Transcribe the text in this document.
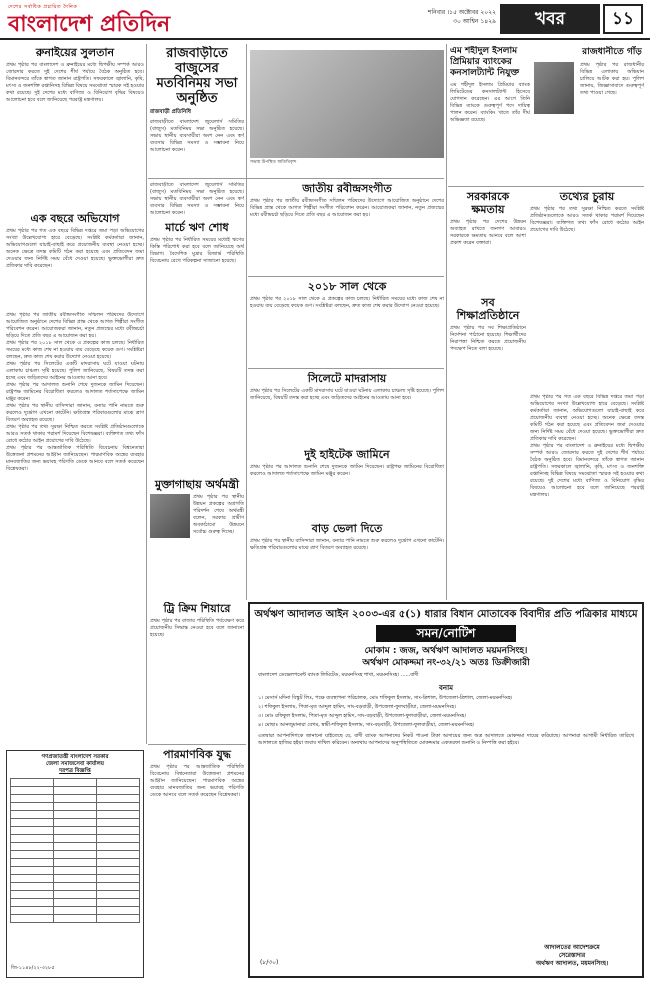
দেশের সর্বাধিক প্রচারিত দৈনিক
বাংলাদেশ প্রতিদিন	শনিবার ।১৫ অক্টোবর ২০২২
৩০ আশ্বিন ১৪২৯	খবর	১১
রুনাইয়ের সুলতান
প্রথম পৃষ্ঠার পর বাংলাদেশ ও ব্রুনাইয়ের মধ্যে দ্বিপক্ষীয় সম্পর্ক আরও জোরদার করতে দুই দেশের শীর্ষ পর্যায়ে বৈঠক অনুষ্ঠিত হবে। বিমানবন্দরে তাঁকে স্বাগত জানান রাষ্ট্রপতি। সফরকালে জ্বালানি, কৃষি, মৎস্য ও জনশক্তি রপ্তানিসহ বিভিন্ন বিষয়ে সমঝোতা স্মারক সই হওয়ার কথা রয়েছে। দুই দেশের মধ্যে বাণিজ্য ও বিনিয়োগ বৃদ্ধির বিষয়েও আলোচনা হবে বলে জানিয়েছে পররাষ্ট্র মন্ত্রণালয়।
এক বছরে অভিযোগ
প্রথম পৃষ্ঠার পর গত এক বছরে বিভিন্ন দপ্তরে জমা পড়া অভিযোগের সংখ্যা উল্লেখযোগ্য হারে বেড়েছে। সংশ্লিষ্ট কর্মকর্তারা জানান, অভিযোগগুলো যাচাই-বাছাই করে প্রয়োজনীয় ব্যবস্থা নেওয়া হচ্ছে। অনেক ক্ষেত্রে তদন্ত কমিটি গঠন করা হয়েছে এবং প্রতিবেদন জমা দেওয়ার জন্য নির্দিষ্ট সময় বেঁধে দেওয়া হয়েছে। ভুক্তভোগীরা দ্রুত প্রতিকার দাবি করেছেন।
প্রথম পৃষ্ঠার পর জাতীয় রবীন্দ্রসংগীত সম্মিলন পরিষদের উদ্যোগে আয়োজিত অনুষ্ঠানে দেশের বিভিন্ন প্রান্ত থেকে আগত শিল্পীরা সংগীত পরিবেশন করেন। আয়োজকরা জানান, নতুন প্রজন্মের মধ্যে রবীন্দ্রচর্চা ছড়িয়ে দিতে প্রতি বছর এ আয়োজন করা হয়।
প্রথম পৃষ্ঠার পর ২০১৮ সাল থেকে এ প্রকল্পের কাজ চলছে। নির্ধারিত সময়ের মধ্যে কাজ শেষ না হওয়ায় ব্যয় বেড়েছে কয়েক গুণ। সংশ্লিষ্টরা বলছেন, দ্রুত কাজ শেষ করার উদ্যোগ নেওয়া হয়েছে।
প্রথম পৃষ্ঠার পর সিলেটের একটি মাদরাসায় ঘটে যাওয়া ঘটনায় এলাকায় চাঞ্চল্য সৃষ্টি হয়েছে। পুলিশ জানিয়েছে, বিষয়টি তদন্ত করা হচ্ছে এবং জড়িতদের আইনের আওতায় আনা হবে।
প্রথম পৃষ্ঠার পর আদালত শুনানি শেষে দুজনকে জামিন দিয়েছেন। রাষ্ট্রপক্ষ জামিনের বিরোধিতা করলেও আদালত শর্তসাপেক্ষে জামিন মঞ্জুর করেন।
প্রথম পৃষ্ঠার পর স্থানীয় বাসিন্দারা জানান, বন্যার পানি নামতে শুরু করলেও দুর্ভোগ এখনো কাটেনি। ক্ষতিগ্রস্ত পরিবারগুলোর মাঝে ত্রাণ বিতরণ অব্যাহত রয়েছে।
প্রথম পৃষ্ঠার পর তথ্য সুরক্ষা নিশ্চিত করতে সংশ্লিষ্ট প্রতিষ্ঠানগুলোকে আরও সতর্ক থাকার পরামর্শ দিয়েছেন বিশেষজ্ঞরা। ব্যক্তিগত তথ্য ফাঁস রোধে কঠোর আইন প্রয়োগের দাবি উঠেছে।
প্রথম পৃষ্ঠার পর আন্তর্জাতিক পরিস্থিতি বিবেচনায় বিশ্বনেতারা উত্তেজনা প্রশমনের আহ্বান জানিয়েছেন। পারমাণবিক অস্ত্রের ব্যবহার মানবজাতির জন্য ভয়াবহ পরিণতি ডেকে আনবে বলে সতর্ক করেছেন বিশ্লেষকরা।
গণপ্রজাতন্ত্রী বাংলাদেশ সরকার
জেলা সমাজসেবা কার্যালয়
দরপত্র বিজ্ঞপ্তি

জি-১১৪৮/২২-৩২৮৫
রাজবাড়ীতে বাজুসের মতবিনিময় সভা অনুষ্ঠিত
রাজবাড়ী প্রতিনিধি
রাজবাড়ীতে বাংলাদেশ জুয়েলার্স সমিতির (বাজুস) মতবিনিময় সভা অনুষ্ঠিত হয়েছে। সভায় স্থানীয় ব্যবসায়ীরা অংশ নেন এবং স্বর্ণ ব্যবসার বিভিন্ন সমস্যা ও সম্ভাবনা নিয়ে আলোচনা করেন।
সভায় উপস্থিত অতিথিবৃন্দ
রাজবাড়ীতে বাংলাদেশ জুয়েলার্স সমিতির (বাজুস) মতবিনিময় সভা অনুষ্ঠিত হয়েছে। সভায় স্থানীয় ব্যবসায়ীরা অংশ নেন এবং স্বর্ণ ব্যবসার বিভিন্ন সমস্যা ও সম্ভাবনা নিয়ে আলোচনা করেন।
মার্চে ঋণ শোধ
প্রথম পৃষ্ঠার পর নির্ধারিত সময়ের মধ্যেই ঋণের কিস্তি পরিশোধ করা হবে বলে জানিয়েছে অর্থ বিভাগ। বৈদেশিক মুদ্রার রিজার্ভ পরিস্থিতি বিবেচনায় রেখে পরিকল্পনা সাজানো হয়েছে।
জাতীয় রবীন্দ্রসংগীত
প্রথম পৃষ্ঠার পর জাতীয় রবীন্দ্রসংগীত সম্মিলন পরিষদের উদ্যোগে আয়োজিত অনুষ্ঠানে দেশের বিভিন্ন প্রান্ত থেকে আগত শিল্পীরা সংগীত পরিবেশন করেন। আয়োজকরা জানান, নতুন প্রজন্মের মধ্যে রবীন্দ্রচর্চা ছড়িয়ে দিতে প্রতি বছর এ আয়োজন করা হয়।
২০১৮ সাল থেকে
প্রথম পৃষ্ঠার পর ২০১৮ সাল থেকে এ প্রকল্পের কাজ চলছে। নির্ধারিত সময়ের মধ্যে কাজ শেষ না হওয়ায় ব্যয় বেড়েছে কয়েক গুণ। সংশ্লিষ্টরা বলছেন, দ্রুত কাজ শেষ করার উদ্যোগ নেওয়া হয়েছে।
সিলেটে মাদরাসায়
প্রথম পৃষ্ঠার পর সিলেটের একটি মাদরাসায় ঘটে যাওয়া ঘটনায় এলাকায় চাঞ্চল্য সৃষ্টি হয়েছে। পুলিশ জানিয়েছে, বিষয়টি তদন্ত করা হচ্ছে এবং জড়িতদের আইনের আওতায় আনা হবে।
মুক্তাগাছায় অর্থমন্ত্রী
প্রথম পৃষ্ঠার পর স্থানীয় উন্নয়ন প্রকল্পের অগ্রগতি পরিদর্শন শেষে অর্থমন্ত্রী বলেন, সরকার গ্রামীণ অবকাঠামো উন্নয়নে সর্বোচ্চ গুরুত্ব দিচ্ছে।
দুই হাইটেক জামিনে
প্রথম পৃষ্ঠার পর আদালত শুনানি শেষে দুজনকে জামিন দিয়েছেন। রাষ্ট্রপক্ষ জামিনের বিরোধিতা করলেও আদালত শর্তসাপেক্ষে জামিন মঞ্জুর করেন।
বাড় ভেলা দিতে
প্রথম পৃষ্ঠার পর স্থানীয় বাসিন্দারা জানান, বন্যার পানি নামতে শুরু করলেও দুর্ভোগ এখনো কাটেনি। ক্ষতিগ্রস্ত পরিবারগুলোর মাঝে ত্রাণ বিতরণ অব্যাহত রয়েছে।
ট্রি ক্রিম শিয়ারে
প্রথম পৃষ্ঠার পর বাজার পরিস্থিতি পর্যবেক্ষণ করে প্রয়োজনীয় সিদ্ধান্ত নেওয়া হবে বলে জানানো হয়েছে।
পারমাণবিক যুদ্ধ
প্রথম পৃষ্ঠার পর আন্তর্জাতিক পরিস্থিতি বিবেচনায় বিশ্বনেতারা উত্তেজনা প্রশমনের আহ্বান জানিয়েছেন। পারমাণবিক অস্ত্রের ব্যবহার মানবজাতির জন্য ভয়াবহ পরিণতি ডেকে আনবে বলে সতর্ক করেছেন বিশ্লেষকরা।
এম শহীদুল ইসলাম প্রিমিয়ার ব্যাংকের কনসালট্যান্ট নিযুক্ত
এম শহীদুল ইসলাম প্রিমিয়ার ব্যাংক লিমিটেডের কনসালট্যান্ট হিসেবে যোগদান করেছেন। এর আগে তিনি বিভিন্ন ব্যাংকে গুরুত্বপূর্ণ পদে দায়িত্ব পালন করেন। ব্যাংকিং খাতে তাঁর দীর্ঘ অভিজ্ঞতা রয়েছে।
রাজধানীতে গাঁড়
প্রথম পৃষ্ঠার পর রাজধানীর বিভিন্ন এলাকায় অভিযান চালিয়ে আটক করা হয়। পুলিশ জানায়, জিজ্ঞাসাবাদে গুরুত্বপূর্ণ তথ্য পাওয়া গেছে।
তথ্যের চুরায়
প্রথম পৃষ্ঠার পর তথ্য সুরক্ষা নিশ্চিত করতে সংশ্লিষ্ট প্রতিষ্ঠানগুলোকে আরও সতর্ক থাকার পরামর্শ দিয়েছেন বিশেষজ্ঞরা। ব্যক্তিগত তথ্য ফাঁস রোধে কঠোর আইন প্রয়োগের দাবি উঠেছে।
সরকারকে ক্ষমতায়
প্রথম পৃষ্ঠার পর দেশের উন্নয়ন অব্যাহত রাখতে জনগণ আবারও সরকারকে ক্ষমতায় আনবে বলে আশা প্রকাশ করেন বক্তারা।
সব শিক্ষাপ্রতিষ্ঠানে
প্রথম পৃষ্ঠার পর সব শিক্ষাপ্রতিষ্ঠানে নির্দেশনা পাঠানো হয়েছে। শিক্ষার্থীদের নিরাপত্তা নিশ্চিত করতে প্রয়োজনীয় পদক্ষেপ নিতে বলা হয়েছে।
প্রথম পৃষ্ঠার পর গত এক বছরে বিভিন্ন দপ্তরে জমা পড়া অভিযোগের সংখ্যা উল্লেখযোগ্য হারে বেড়েছে। সংশ্লিষ্ট কর্মকর্তারা জানান, অভিযোগগুলো যাচাই-বাছাই করে প্রয়োজনীয় ব্যবস্থা নেওয়া হচ্ছে। অনেক ক্ষেত্রে তদন্ত কমিটি গঠন করা হয়েছে এবং প্রতিবেদন জমা দেওয়ার জন্য নির্দিষ্ট সময় বেঁধে দেওয়া হয়েছে। ভুক্তভোগীরা দ্রুত প্রতিকার দাবি করেছেন।
প্রথম পৃষ্ঠার পর বাংলাদেশ ও ব্রুনাইয়ের মধ্যে দ্বিপক্ষীয় সম্পর্ক আরও জোরদার করতে দুই দেশের শীর্ষ পর্যায়ে বৈঠক অনুষ্ঠিত হবে। বিমানবন্দরে তাঁকে স্বাগত জানান রাষ্ট্রপতি। সফরকালে জ্বালানি, কৃষি, মৎস্য ও জনশক্তি রপ্তানিসহ বিভিন্ন বিষয়ে সমঝোতা স্মারক সই হওয়ার কথা রয়েছে। দুই দেশের মধ্যে বাণিজ্য ও বিনিয়োগ বৃদ্ধির বিষয়েও আলোচনা হবে বলে জানিয়েছে পররাষ্ট্র মন্ত্রণালয়।
অর্থঋণ আদালত আইন ২০০৩-এর ৫(১) ধারার বিধান মোতাবেক বিবাদীর প্রতি পত্রিকার মাধ্যমে
সমন/নোটিশ
মোকাম : জজ, অর্থঋণ আদালত ময়মনসিংহ।
অর্থঋণ মোকদ্দমা নং-৩২/২১ অতঃ ডিক্রীজারী
বাংলাদেশ ডেভেলপমেন্ট ব্যাংক লিমিটেড, ময়মনসিংহ শাখা, ময়মনসিংহ। ......বাদী
বনাম
১। মেসার্স মদিনা বিস্কুট লিঃ, পক্ষে ব্যবস্থাপনা পরিচালক, মোঃ শফিকুল ইসলাম, সাং-ত্রিশাল, উপজেলা-ত্রিশাল, জেলা-ময়মনসিংহ।
২। শফিকুল ইসলাম, পিতা-মৃত আব্দুল হামিদ, সাং-বড়বাড়ী, উপজেলা-ফুলবাড়ীয়া, জেলা-ময়মনসিংহ।
৩। মোঃ রফিকুল ইসলাম, পিতা-মৃত আব্দুল হামিদ, সাং-বড়বাড়ী, উপজেলা-ফুলবাড়ীয়া, জেলা-ময়মনসিংহ।
৪। মোছাঃ আনজুমানারা বেগম, স্বামী-শফিকুল ইসলাম, সাং-বড়বাড়ী, উপজেলা-ফুলবাড়ীয়া, জেলা-ময়মনসিংহ।
এতদ্বারা আপনাদিগকে জানানো যাইতেছে যে, বাদী ব্যাংক আপনাদের নিকট পাওনা টাকা আদায়ের জন্য অত্র আদালতে মোকদ্দমা দায়ের করিয়াছে। আপনারা আগামী নির্ধারিত তারিখে আদালতে হাজির হইয়া জবাব দাখিল করিবেন। অন্যথায় আপনাদের অনুপস্থিতিতে মোকদ্দমার একতরফা শুনানি ও নিষ্পত্তি করা হইবে।
(৮/৩০)
আদালতের আদেশক্রমে
সেরেস্তাদার
অর্থঋণ আদালত, ময়মনসিংহ।
